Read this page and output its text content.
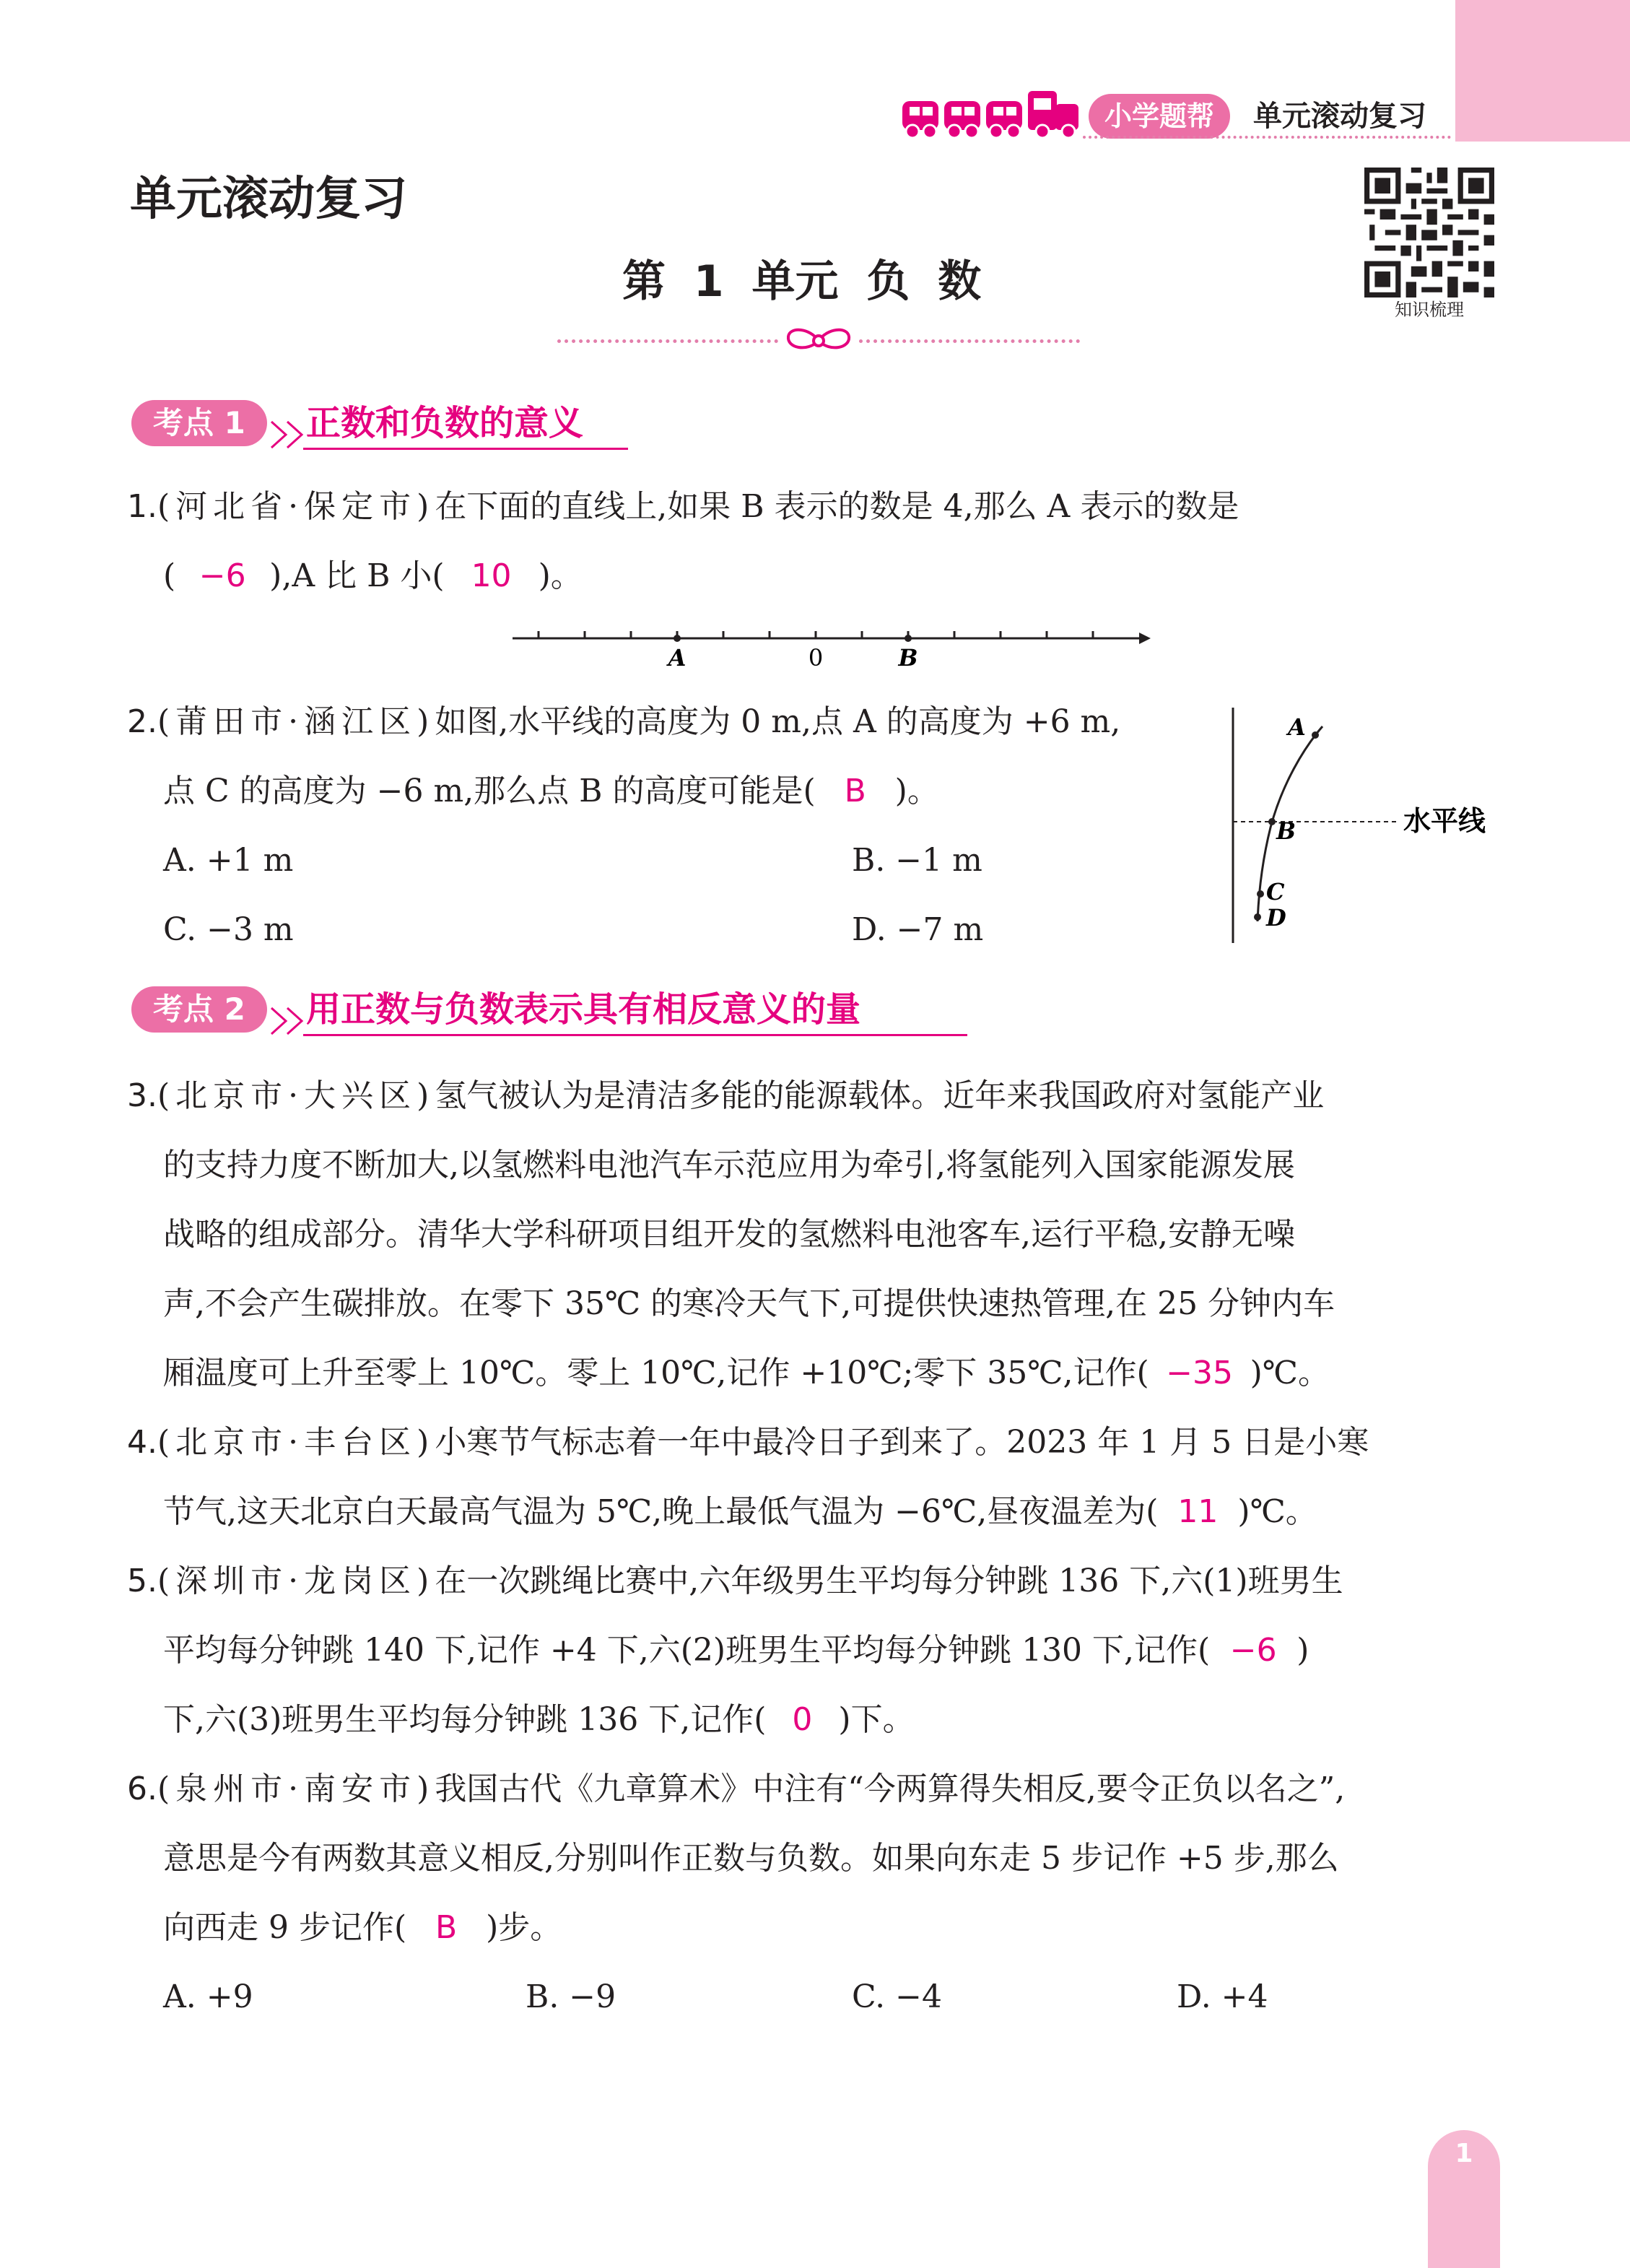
小学题帮	单元滚动复习
单元滚动复习
知识梳理
第 1 单元 负 数
考点 1	正数和负数的意义
1.(河北省·保定市)在下面的直线上,如果 B 表示的数是 4,那么 A 表示的数是
( −6 ),A 比 B 小( 10 )。
A	0	B
2.(莆田市·涵江区)如图,水平线的高度为 0 m,点 A 的高度为 +6 m,
点 C 的高度为 −6 m,那么点 B 的高度可能是( B )。
A. +1 m	B. −1 m
C. −3 m	D. −7 m
A
B
C
D
水平线
考点 2	用正数与负数表示具有相反意义的量
3.(北京市·大兴区)氢气被认为是清洁多能的能源载体。近年来我国政府对氢能产业
的支持力度不断加大,以氢燃料电池汽车示范应用为牵引,将氢能列入国家能源发展
战略的组成部分。清华大学科研项目组开发的氢燃料电池客车,运行平稳,安静无噪
声,不会产生碳排放。在零下 35℃ 的寒冷天气下,可提供快速热管理,在 25 分钟内车
厢温度可上升至零上 10℃。零上 10℃,记作 +10℃;零下 35℃,记作( −35 )℃。
4.(北京市·丰台区)小寒节气标志着一年中最冷日子到来了。2023 年 1 月 5 日是小寒
节气,这天北京白天最高气温为 5℃,晚上最低气温为 −6℃,昼夜温差为( 11 )℃。
5.(深圳市·龙岗区)在一次跳绳比赛中,六年级男生平均每分钟跳 136 下,六(1)班男生
平均每分钟跳 140 下,记作 +4 下,六(2)班男生平均每分钟跳 130 下,记作( −6 )
下,六(3)班男生平均每分钟跳 136 下,记作( 0 )下。
6.(泉州市·南安市)我国古代《九章算术》中注有“今两算得失相反,要令正负以名之”,
意思是今有两数其意义相反,分别叫作正数与负数。如果向东走 5 步记作 +5 步,那么
向西走 9 步记作( B )步。
A. +9	B. −9	C. −4	D. +4
1
